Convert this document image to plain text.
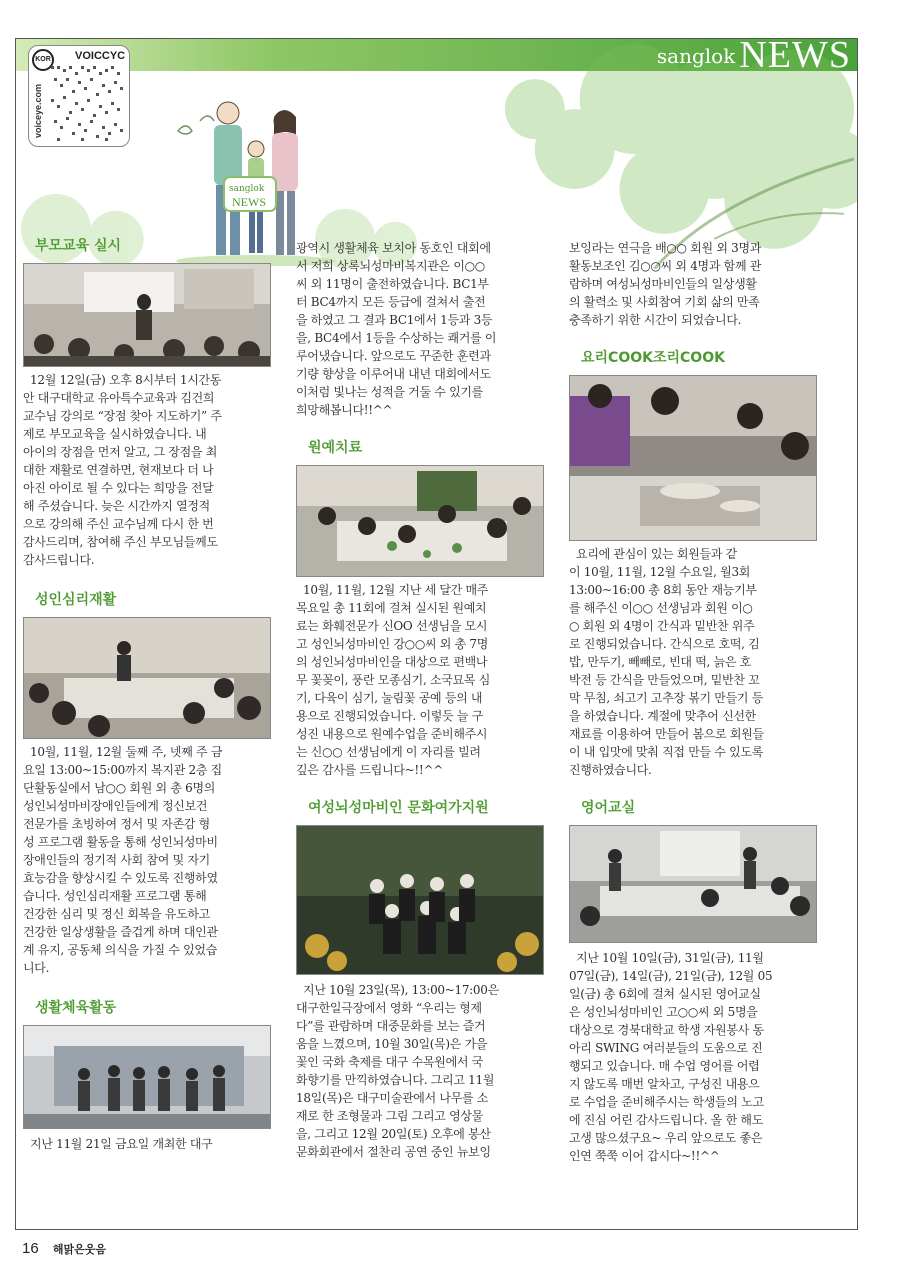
sanglok NEWS
KOR VOICCYC
voiceye.com
sanglok
NEWS
부모교육 실시
12월 12일(금) 오후 8시부터 1시간동
안 대구대학교 유아특수교육과 김건희
교수님 강의로 “장점 찾아 지도하기” 주
제로 부모교육을 실시하였습니다. 내
아이의 장점을 먼저 알고, 그 장점을 최
대한 재활로 연결하면, 현재보다 더 나
아진 아이로 될 수 있다는 희망을 전달
해 주셨습니다. 늦은 시간까지 열정적
으로 강의해 주신 교수님께 다시 한 번
감사드리며, 참여해 주신 부모님들께도
감사드립니다.
성인심리재활
10월, 11월, 12월 둘째 주, 넷째 주 금
요일 13:00~15:00까지 복지관 2층 집
단활동실에서 남○○ 회원 외 총 6명의
성인뇌성마비장애인들에게 정신보건
전문가를 초빙하여 정서 및 자존감 형
성 프로그램 활동을 통해 성인뇌성마비
장애인들의 정기적 사회 참여 및 자기
효능감을 향상시킬 수 있도록 진행하였
습니다. 성인심리재활 프로그램 통해
건강한 심리 및 정신 회복을 유도하고
건강한 일상생활을 즐겁게 하며 대인관
계 유지, 공동체 의식을 가질 수 있었습
니다.
생활체육활동
지난 11월 21일 금요일 개최한 대구
광역시 생활체육 보치아 동호인 대회에
서 저희 상록뇌성마비복지관은 이○○
씨 외 11명이 출전하였습니다. BC1부
터 BC4까지 모든 등급에 걸쳐서 출전
을 하였고 그 결과 BC1에서 1등과 3등
을, BC4에서 1등을 수상하는 쾌거를 이
루어냈습니다. 앞으로도 꾸준한 훈련과
기량 향상을 이루어내 내년 대회에서도
이처럼 빛나는 성적을 거둘 수 있기를
희망해봅니다!!^^
원예치료
10월, 11월, 12월 지난 세 달간 매주
목요일 총 11회에 걸쳐 실시된 원예치
료는 화훼전문가 신OO 선생님을 모시
고 성인뇌성마비인 강○○씨 외 총 7명
의 성인뇌성마비인을 대상으로 편백나
무 꽃꽂이, 풍란 모종심기, 소국묘목 심
기, 다육이 심기, 눌림꽃 공예 등의 내
용으로 진행되었습니다. 이렇듯 늘 구
성진 내용으로 원예수업을 준비해주시
는 신○○ 선생님에게 이 자리를 빌려
깊은 감사를 드립니다~!!^^
여성뇌성마비인 문화여가지원
지난 10월 23일(목), 13:00~17:00은
대구한일극장에서 영화 “우리는 형제
다”를 관람하며 대중문화를 보는 즐거
움을 느꼈으며, 10월 30일(목)은 가을
꽃인 국화 축제를 대구 수목원에서 국
화향기를 만끽하였습니다. 그리고 11월
18일(목)은 대구미술관에서 나무를 소
재로 한 조형물과 그림 그리고 영상물
을, 그리고 12월 20일(토) 오후에 봉산
문화회관에서 절찬리 공연 중인 뉴보잉
보잉라는 연극을 배○○ 회원 외 3명과
활동보조인 김○○씨 외 4명과 함께 관
람하며 여성뇌성마비인들의 일상생활
의 활력소 및 사회참여 기회 삶의 만족
충족하기 위한 시간이 되었습니다.
요리COOK조리COOK
요리에 관심이 있는 회원들과 같
이 10월, 11월, 12월 수요일, 월3회
13:00~16:00 총 8회 동안 재능기부
를 해주신 이○○ 선생님과 회원 이○
○ 회원 외 4명이 간식과 밑반찬 위주
로 진행되었습니다. 간식으로 호떡, 김
밥, 만두기, 빼빼로, 빈대 떡, 늙은 호
박전 등 간식을 만들었으며, 밑반찬 꼬
막 무침, 쇠고기 고추장 볶기 만들기 등
을 하였습니다. 계절에 맞추어 신선한
재료를 이용하여 만들어 봄으로 회원들
이 내 입맛에 맞춰 직접 만들 수 있도록
진행하였습니다.
영어교실
지난 10월 10일(금), 31일(금), 11월
07일(금), 14일(금), 21일(금), 12월 05
일(금) 총 6회에 걸쳐 실시된 영어교실
은 성인뇌성마비인 고○○씨 외 5명을
대상으로 경북대학교 학생 자원봉사 동
아리 SWING 여러분들의 도움으로 진
행되고 있습니다. 매 수업 영어를 어렵
지 않도록 매번 알차고, 구성진 내용으
로 수업을 준비해주시는 학생들의 노고
에 진심 어린 감사드립니다. 올 한 해도
고생 많으셨구요~ 우리 앞으로도 좋은
인연 쭉쭉 이어 갑시다~!!^^
16 해맑은웃음
